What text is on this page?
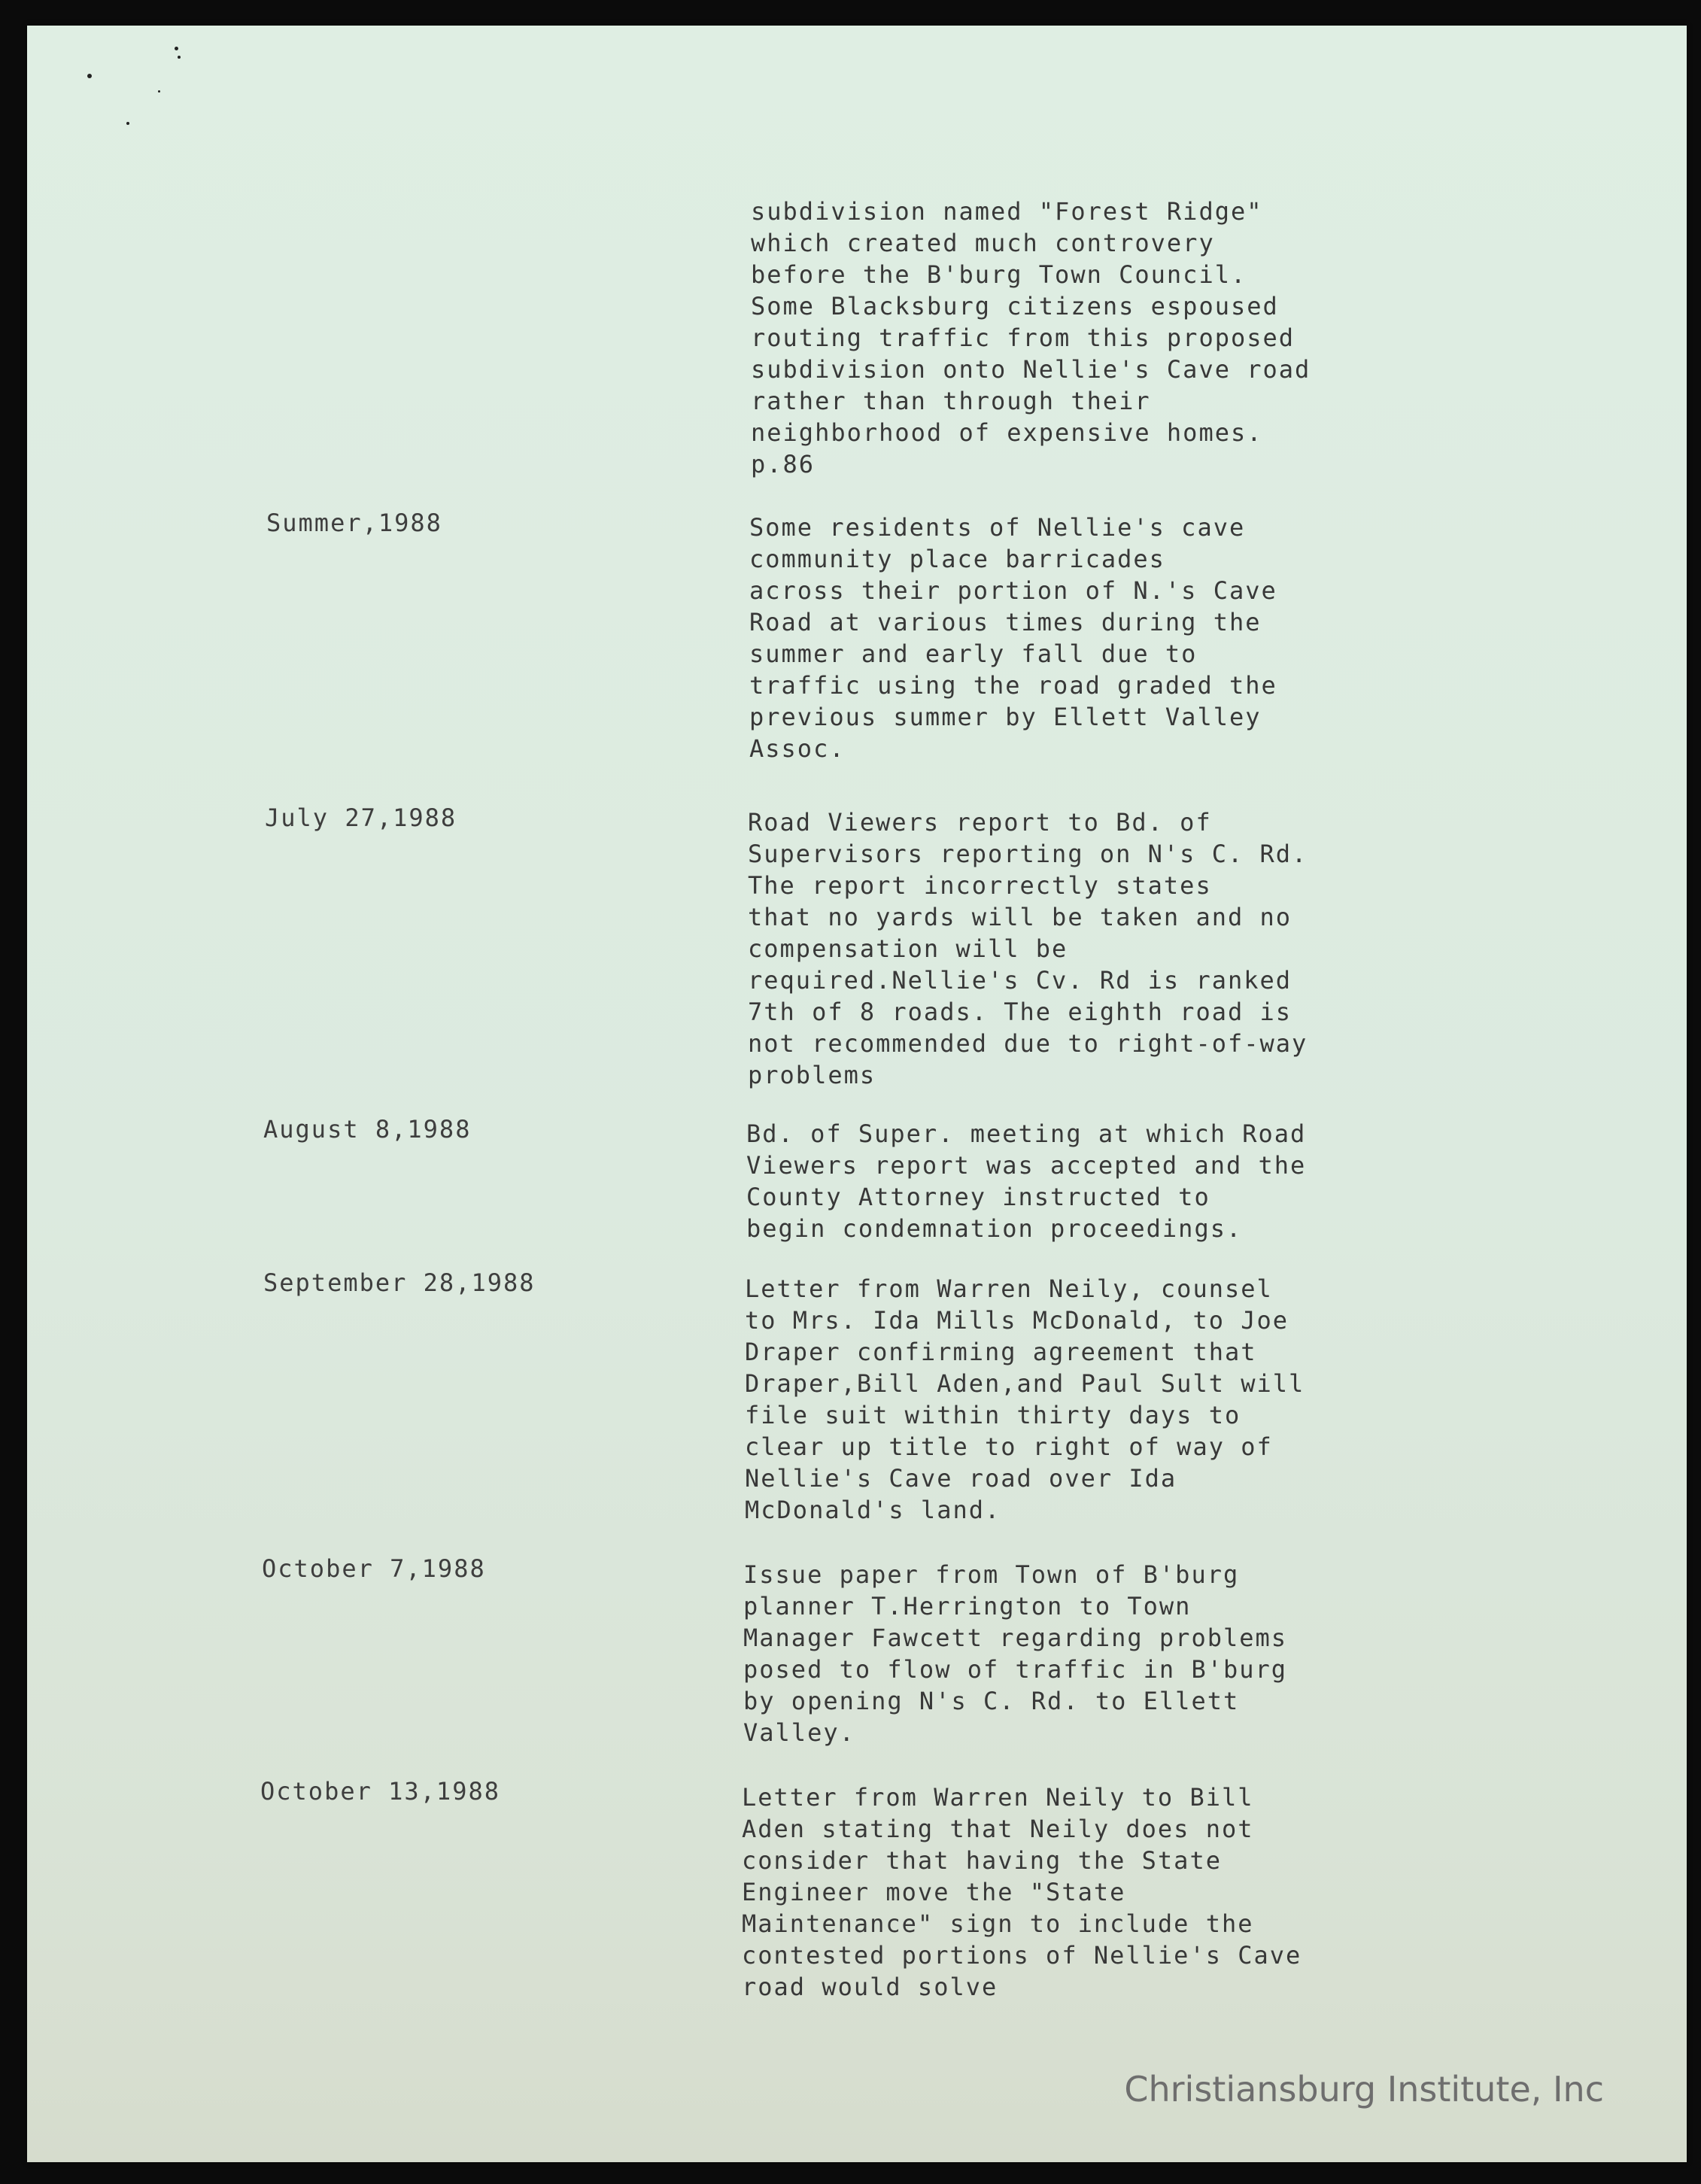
subdivision named "Forest Ridge"
which created much controvery
before the B'burg Town Council.
Some Blacksburg citizens espoused
routing traffic from this proposed
subdivision onto Nellie's Cave road
rather than through their
neighborhood of expensive homes.
p.86
Summer,1988	Some residents of Nellie's cave
community place barricades
across their portion of N.'s Cave
Road at various times during the
summer and early fall due to
traffic using the road graded the
previous summer by Ellett Valley
Assoc.
July 27,1988	Road Viewers report to Bd. of
Supervisors reporting on N's C. Rd.
The report incorrectly states
that no yards will be taken and no
compensation will be
required.Nellie's Cv. Rd is ranked
7th of 8 roads. The eighth road is
not recommended due to right-of-way
problems
August 8,1988	Bd. of Super. meeting at which Road
Viewers report was accepted and the
County Attorney instructed to
begin condemnation proceedings.
September 28,1988	Letter from Warren Neily, counsel
to Mrs. Ida Mills McDonald, to Joe
Draper confirming agreement that
Draper,Bill Aden,and Paul Sult will
file suit within thirty days to
clear up title to right of way of
Nellie's Cave road over Ida
McDonald's land.
October 7,1988	Issue paper from Town of B'burg
planner T.Herrington to Town
Manager Fawcett regarding problems
posed to flow of traffic in B'burg
by opening N's C. Rd. to Ellett
Valley.
October 13,1988	Letter from Warren Neily to Bill
Aden stating that Neily does not
consider that having the State
Engineer move the "State
Maintenance" sign to include the
contested portions of Nellie's Cave
road would solve
Christiansburg Institute, Inc
